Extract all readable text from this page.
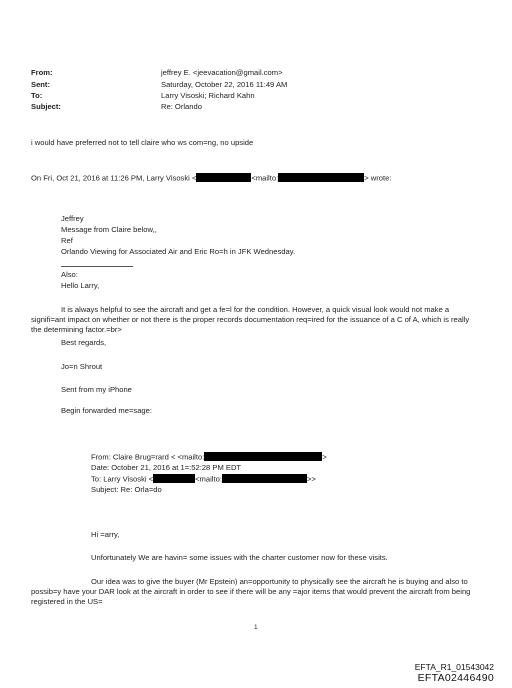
From:	jeffrey E. <jeevacation@gmail.com>
Sent:	Saturday, October 22, 2016 11:49 AM
To:	Larry Visoski; Richard Kahn
Subject:	Re: Orlando
i would have preferred not to tell claire who ws com=ng, no upside
On Fri, Oct 21, 2016 at 11:26 PM, Larry Visoski <	<mailto:	> wrote:
Jeffrey
Message from Claire below,,
Ref
Orlando Viewing for Associated Air and Eric Ro=h in JFK Wednesday.
Also:
Hello Larry,
It is always helpful to see the aircraft and get a fe=l for the condition. However, a quick visual look would not make a signifi=ant impact on whether or not there is the proper records documentation req=ired for the issuance of a C of A, which is really the determining factor.=br>
Best regards,
Jo=n Shrout
Sent from my iPhone
Begin forwarded me=sage:
From: Claire Brug=rard < <mailto:	>
Date: October 21, 2016 at 1=:52:28 PM EDT
To: Larry Visoski <	<mailto:	>>
Subject: Re: Orla=do
Hi =arry,
Unfortunately We are havin= some issues with the charter customer now for these visits.
Our idea was to give the buyer (Mr Epstein) an=opportunity to physically see the aircraft he is buying and also to possib=y have your DAR look at the aircraft in order to see if there will be any =ajor items that would prevent the aircraft from being registered in the US=
1
EFTA_R1_01543042
EFTA02446490
